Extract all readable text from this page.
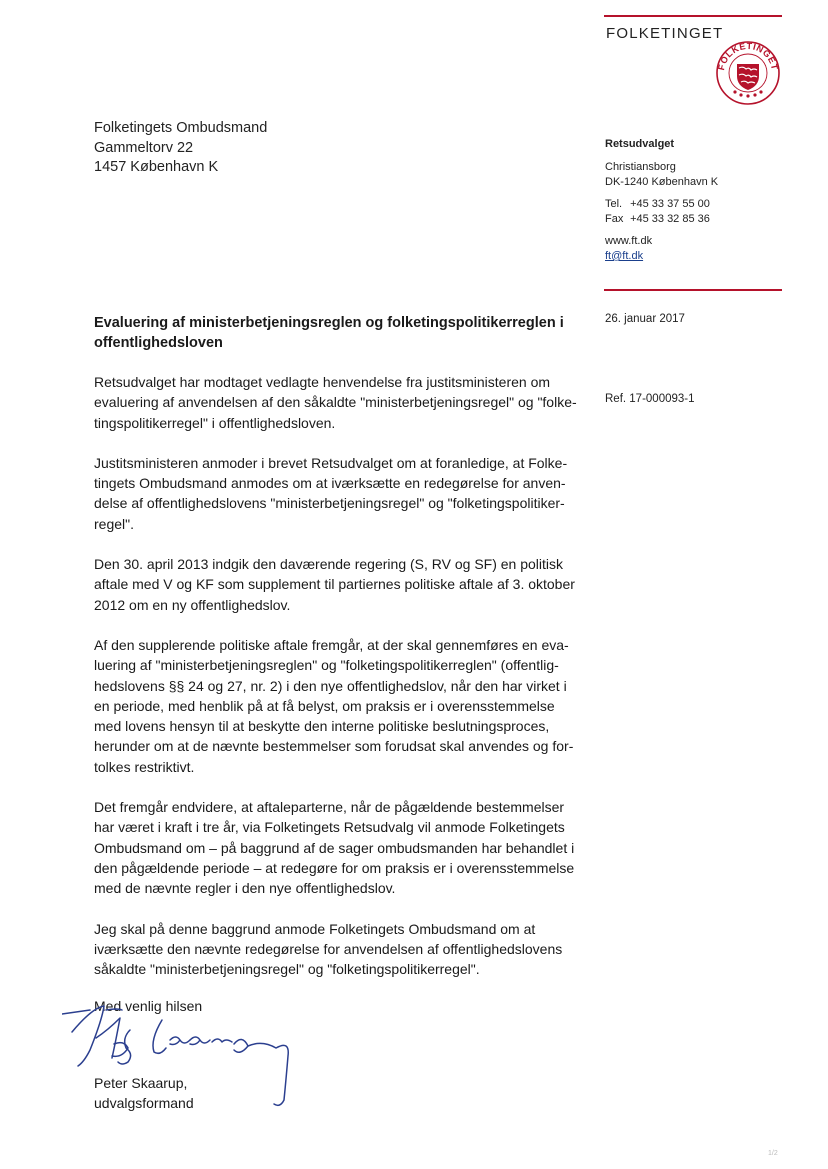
FOLKETINGET
FOLKETINGET
Folketingets Ombudsmand
Gammeltorv 22
1457 København K
Retsudvalget
Christiansborg
DK-1240 København K
Tel. +45 33 37 55 00
Fax +45 33 32 85 36
www.ft.dk
ft@ft.dk
26. januar 2017
Ref. 17-000093-1
Evaluering af ministerbetjeningsreglen og folketingspolitikerreglen i
offentlighedsloven

Retsudvalget har modtaget vedlagte henvendelse fra justitsministeren om
evaluering af anvendelsen af den såkaldte "ministerbetjeningsregel" og "folke-
tingspolitikerregel" i offentlighedsloven.

Justitsministeren anmoder i brevet Retsudvalget om at foranledige, at Folke-
tingets Ombudsmand anmodes om at iværksætte en redegørelse for anven-
delse af offentlighedslovens "ministerbetjeningsregel" og "folketingspolitiker-
regel".

Den 30. april 2013 indgik den daværende regering (S, RV og SF) en politisk
aftale med V og KF som supplement til partiernes politiske aftale af 3. oktober
2012 om en ny offentlighedslov.

Af den supplerende politiske aftale fremgår, at der skal gennemføres en eva-
luering af "ministerbetjeningsreglen" og "folketingspolitikerreglen" (offentlig-
hedslovens §§ 24 og 27, nr. 2) i den nye offentlighedslov, når den har virket i
en periode, med henblik på at få belyst, om praksis er i overensstemmelse
med lovens hensyn til at beskytte den interne politiske beslutningsproces,
herunder om at de nævnte bestemmelser som forudsat skal anvendes og for-
tolkes restriktivt.

Det fremgår endvidere, at aftaleparterne, når de pågældende bestemmelser
har været i kraft i tre år, via Folketingets Retsudvalg vil anmode Folketingets
Ombudsmand om – på baggrund af de sager ombudsmanden har behandlet i
den pågældende periode – at redegøre for om praksis er i overensstemmelse
med de nævnte regler i den nye offentlighedslov.

Jeg skal på denne baggrund anmode Folketingets Ombudsmand om at
iværksætte den nævnte redegørelse for anvendelsen af offentlighedslovens
såkaldte "ministerbetjeningsregel" og "folketingspolitikerregel".

Med venlig hilsen
Peter Skaarup,
udvalgsformand
1/2
